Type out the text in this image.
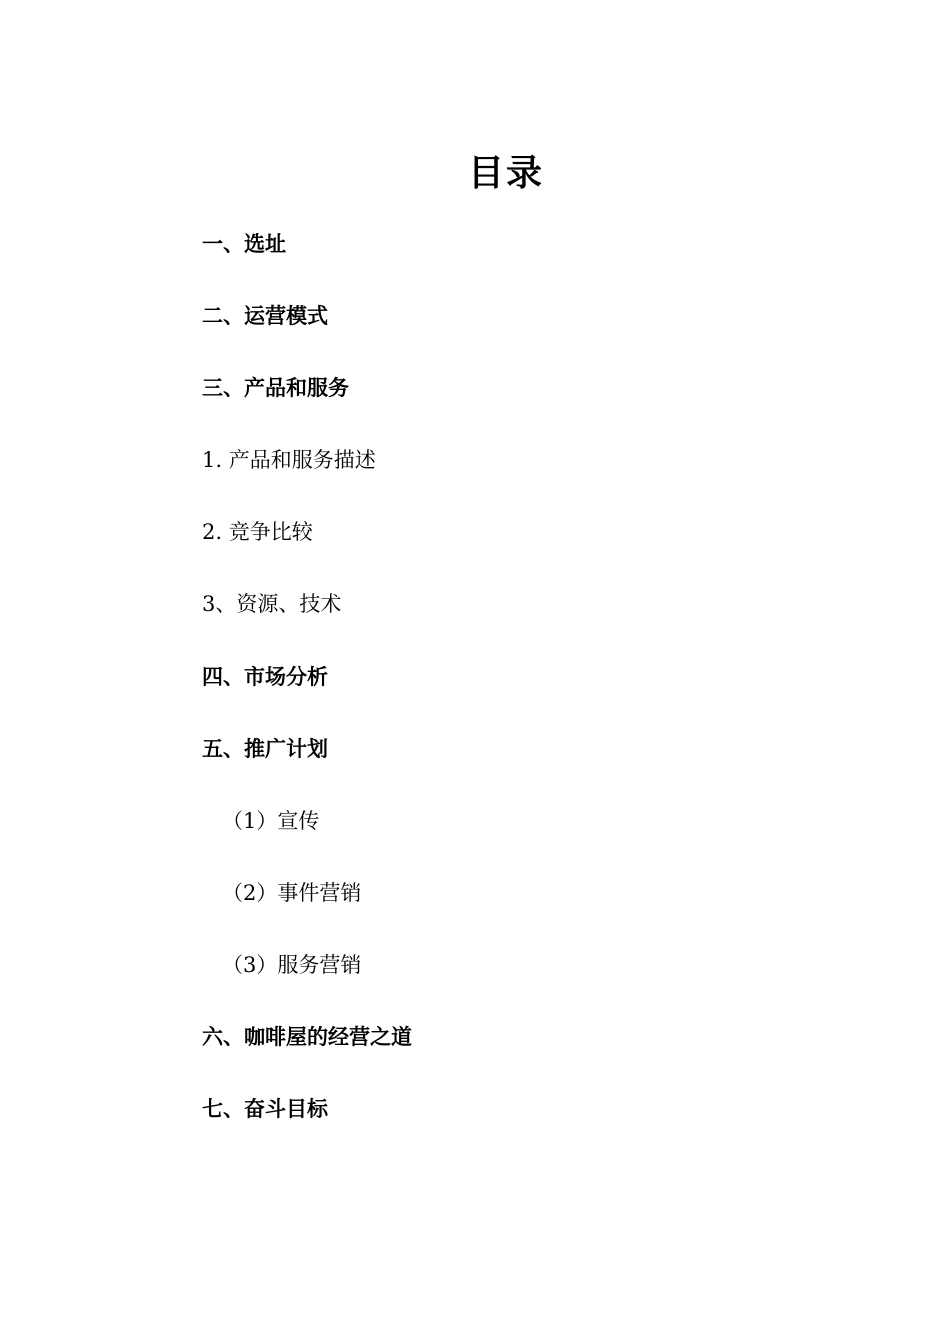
目录
一、选址
二、运营模式
三、产品和服务
1. 产品和服务描述
2. 竞争比较
3、资源、技术
四、市场分析
五、推广计划
（1）宣传
（2）事件营销
（3）服务营销
六、咖啡屋的经营之道
七、奋斗目标
